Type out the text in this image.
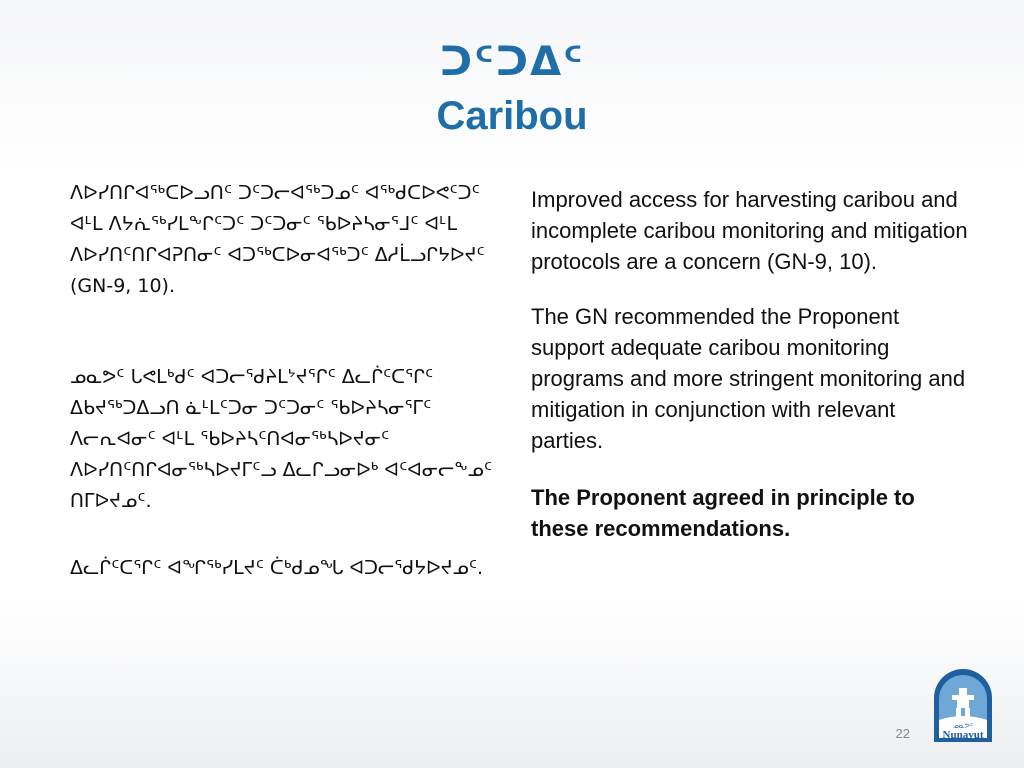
ᑐᑦᑐᐃᑦ
Caribou

ᐱᐅᓯᑎᒋᐊᖅᑕᐅᓗᑎᑦ ᑐᑦᑐᓕᐊᖅᑐᓄᑦ ᐊᖅᑯᑕᐅᕙᑦᑐᑦ ᐊᒻᒪ ᐱᔭᕇᖅᓯᒪᖕᒋᑦᑐᑦ ᑐᑦᑐᓂᑦ ᖃᐅᔨᓴᓂᕐᒧᑦ ᐊᒻᒪ ᐱᐅᓯᑎᑦᑎᒋᐊᕈᑎᓂᑦ ᐊᑐᖅᑕᐅᓂᐊᖅᑐᑦ ᐃᓱᒫᓗᒋᔭᐅᔪᑦ (GN-9, 10).

ᓄᓇᕗᑦ ᒐᕙᒪᒃᑯᑦ ᐊᑐᓕᖁᔨᒪᔾᔪᕐᒋᑦ ᐃᓚᒌᑦᑕᕐᒋᑦ ᐃᑲᔪᖅᑐᐃᓗᑎ ᓈᒻᒪᑦᑐᓂ ᑐᑦᑐᓂᑦ ᖃᐅᔨᓴᓂᕐᒥᑦ ᐱᓕᕆᐊᓂᑦ ᐊᒻᒪ ᖃᐅᔨᓴᑦᑎᐊᓂᖅᓴᐅᔪᓂᑦ ᐱᐅᓯᑎᑦᑎᒋᐊᓂᖅᓴᐅᔪᒥᑦᓗ ᐃᓚᒋᓗᓂᐅᒃ ᐊᑦᐊᓂᓕᖕᓄᑦ ᑎᒥᐅᔪᓄᑦ.

ᐃᓚᒌᑦᑕᕐᒋᑦ ᐊᖏᖅᓯᒪᔪᑦ ᑖᒃᑯᓄᖓ ᐊᑐᓕᖁᔭᐅᔪᓄᑦ.

Improved access for harvesting caribou and incomplete caribou monitoring and mitigation protocols are a concern (GN-9, 10).

The GN recommended the Proponent support adequate caribou monitoring programs and more stringent monitoring and mitigation in conjunction with relevant parties.

The Proponent agreed in principle to these recommendations.

22	ᓄᓇᕗᑦ
Nunavut
